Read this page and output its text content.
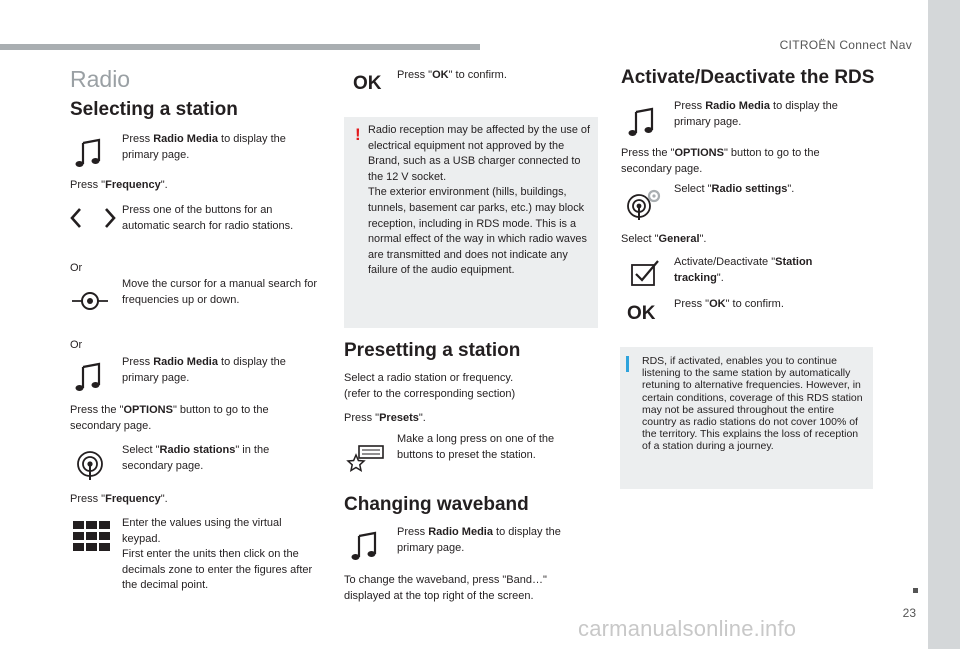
CITROËN Connect Nav
23
carmanualsonline.info
Radio
Selecting a station
Press Radio Media to display the primary page.
Press "Frequency".
Press one of the buttons for an automatic search for radio stations.
Or
Move the cursor for a manual search for frequencies up or down.
Or
Press Radio Media to display the primary page.
Press the "OPTIONS" button to go to the secondary page.
Select "Radio stations" in the secondary page.
Press "Frequency".
Enter the values using the virtual keypad.
First enter the units then click on the decimals zone to enter the figures after the decimal point.
OK Press "OK" to confirm.
! Radio reception may be affected by the use of electrical equipment not approved by the Brand, such as a USB charger connected to the 12 V socket.
The exterior environment (hills, buildings, tunnels, basement car parks, etc.) may block reception, including in RDS mode. This is a normal effect of the way in which radio waves are transmitted and does not indicate any failure of the audio equipment.
Presetting a station
Select a radio station or frequency.
(refer to the corresponding section)
Press "Presets".
Make a long press on one of the buttons to preset the station.
Changing waveband
Press Radio Media to display the primary page.
To change the waveband, press "Band…" displayed at the top right of the screen.
Activate/Deactivate the RDS
Press Radio Media to display the primary page.
Press the "OPTIONS" button to go to the secondary page.
Select "Radio settings".
Select "General".
Activate/Deactivate "Station tracking".
OK Press "OK" to confirm.
RDS, if activated, enables you to continue listening to the same station by automatically retuning to alternative frequencies. However, in certain conditions, coverage of this RDS station may not be assured throughout the entire country as radio stations do not cover 100% of the territory. This explains the loss of reception of a station during a journey.
